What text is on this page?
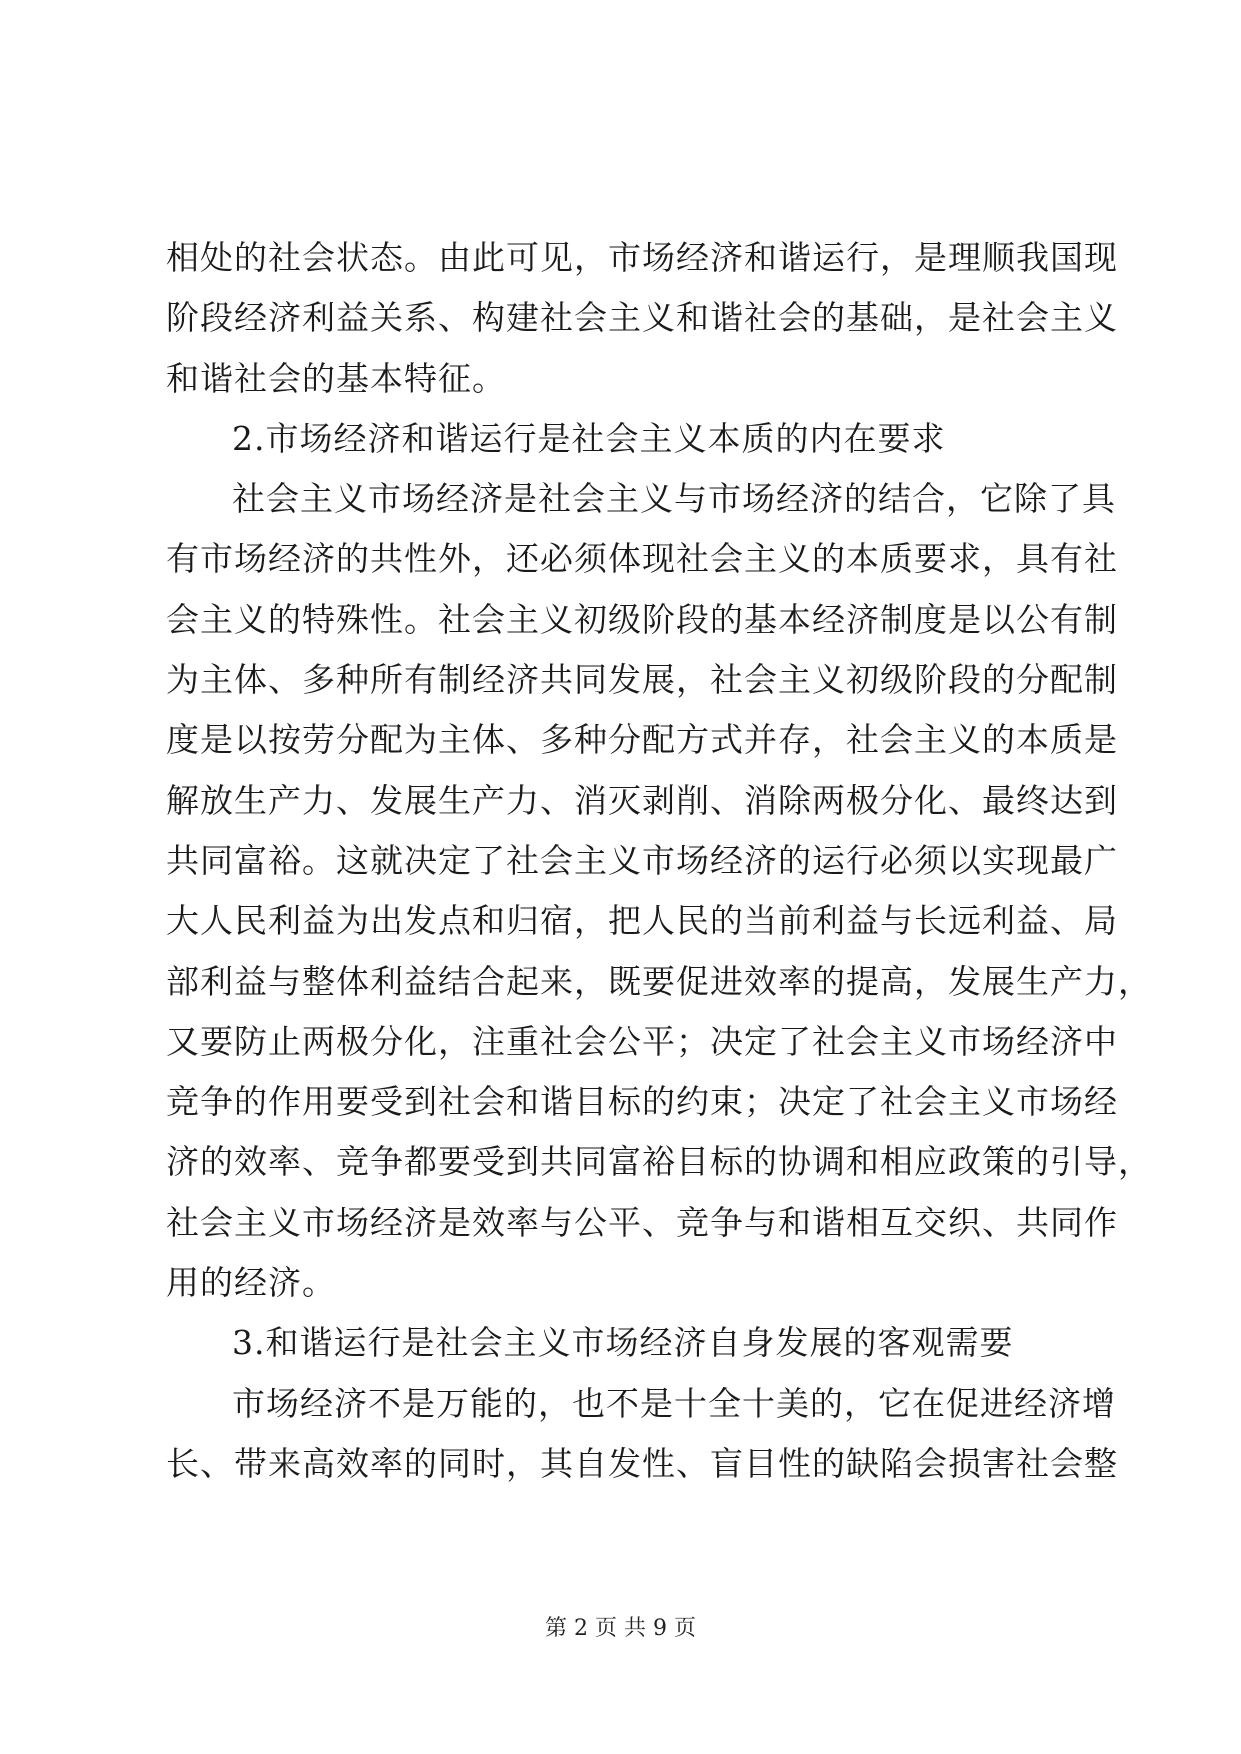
相处的社会状态。由此可见，市场经济和谐运行，是理顺我国现
阶段经济利益关系、构建社会主义和谐社会的基础，是社会主义
和谐社会的基本特征。
2.市场经济和谐运行是社会主义本质的内在要求
社会主义市场经济是社会主义与市场经济的结合，它除了具
有市场经济的共性外，还必须体现社会主义的本质要求，具有社
会主义的特殊性。社会主义初级阶段的基本经济制度是以公有制
为主体、多种所有制经济共同发展，社会主义初级阶段的分配制
度是以按劳分配为主体、多种分配方式并存，社会主义的本质是
解放生产力、发展生产力、消灭剥削、消除两极分化、最终达到
共同富裕。这就决定了社会主义市场经济的运行必须以实现最广
大人民利益为出发点和归宿，把人民的当前利益与长远利益、局
部利益与整体利益结合起来，既要促进效率的提高，发展生产力，
又要防止两极分化，注重社会公平；决定了社会主义市场经济中
竞争的作用要受到社会和谐目标的约束；决定了社会主义市场经
济的效率、竞争都要受到共同富裕目标的协调和相应政策的引导，
社会主义市场经济是效率与公平、竞争与和谐相互交织、共同作
用的经济。
3.和谐运行是社会主义市场经济自身发展的客观需要
市场经济不是万能的，也不是十全十美的，它在促进经济增
长、带来高效率的同时，其自发性、盲目性的缺陷会损害社会整
第 2 页 共 9 页
